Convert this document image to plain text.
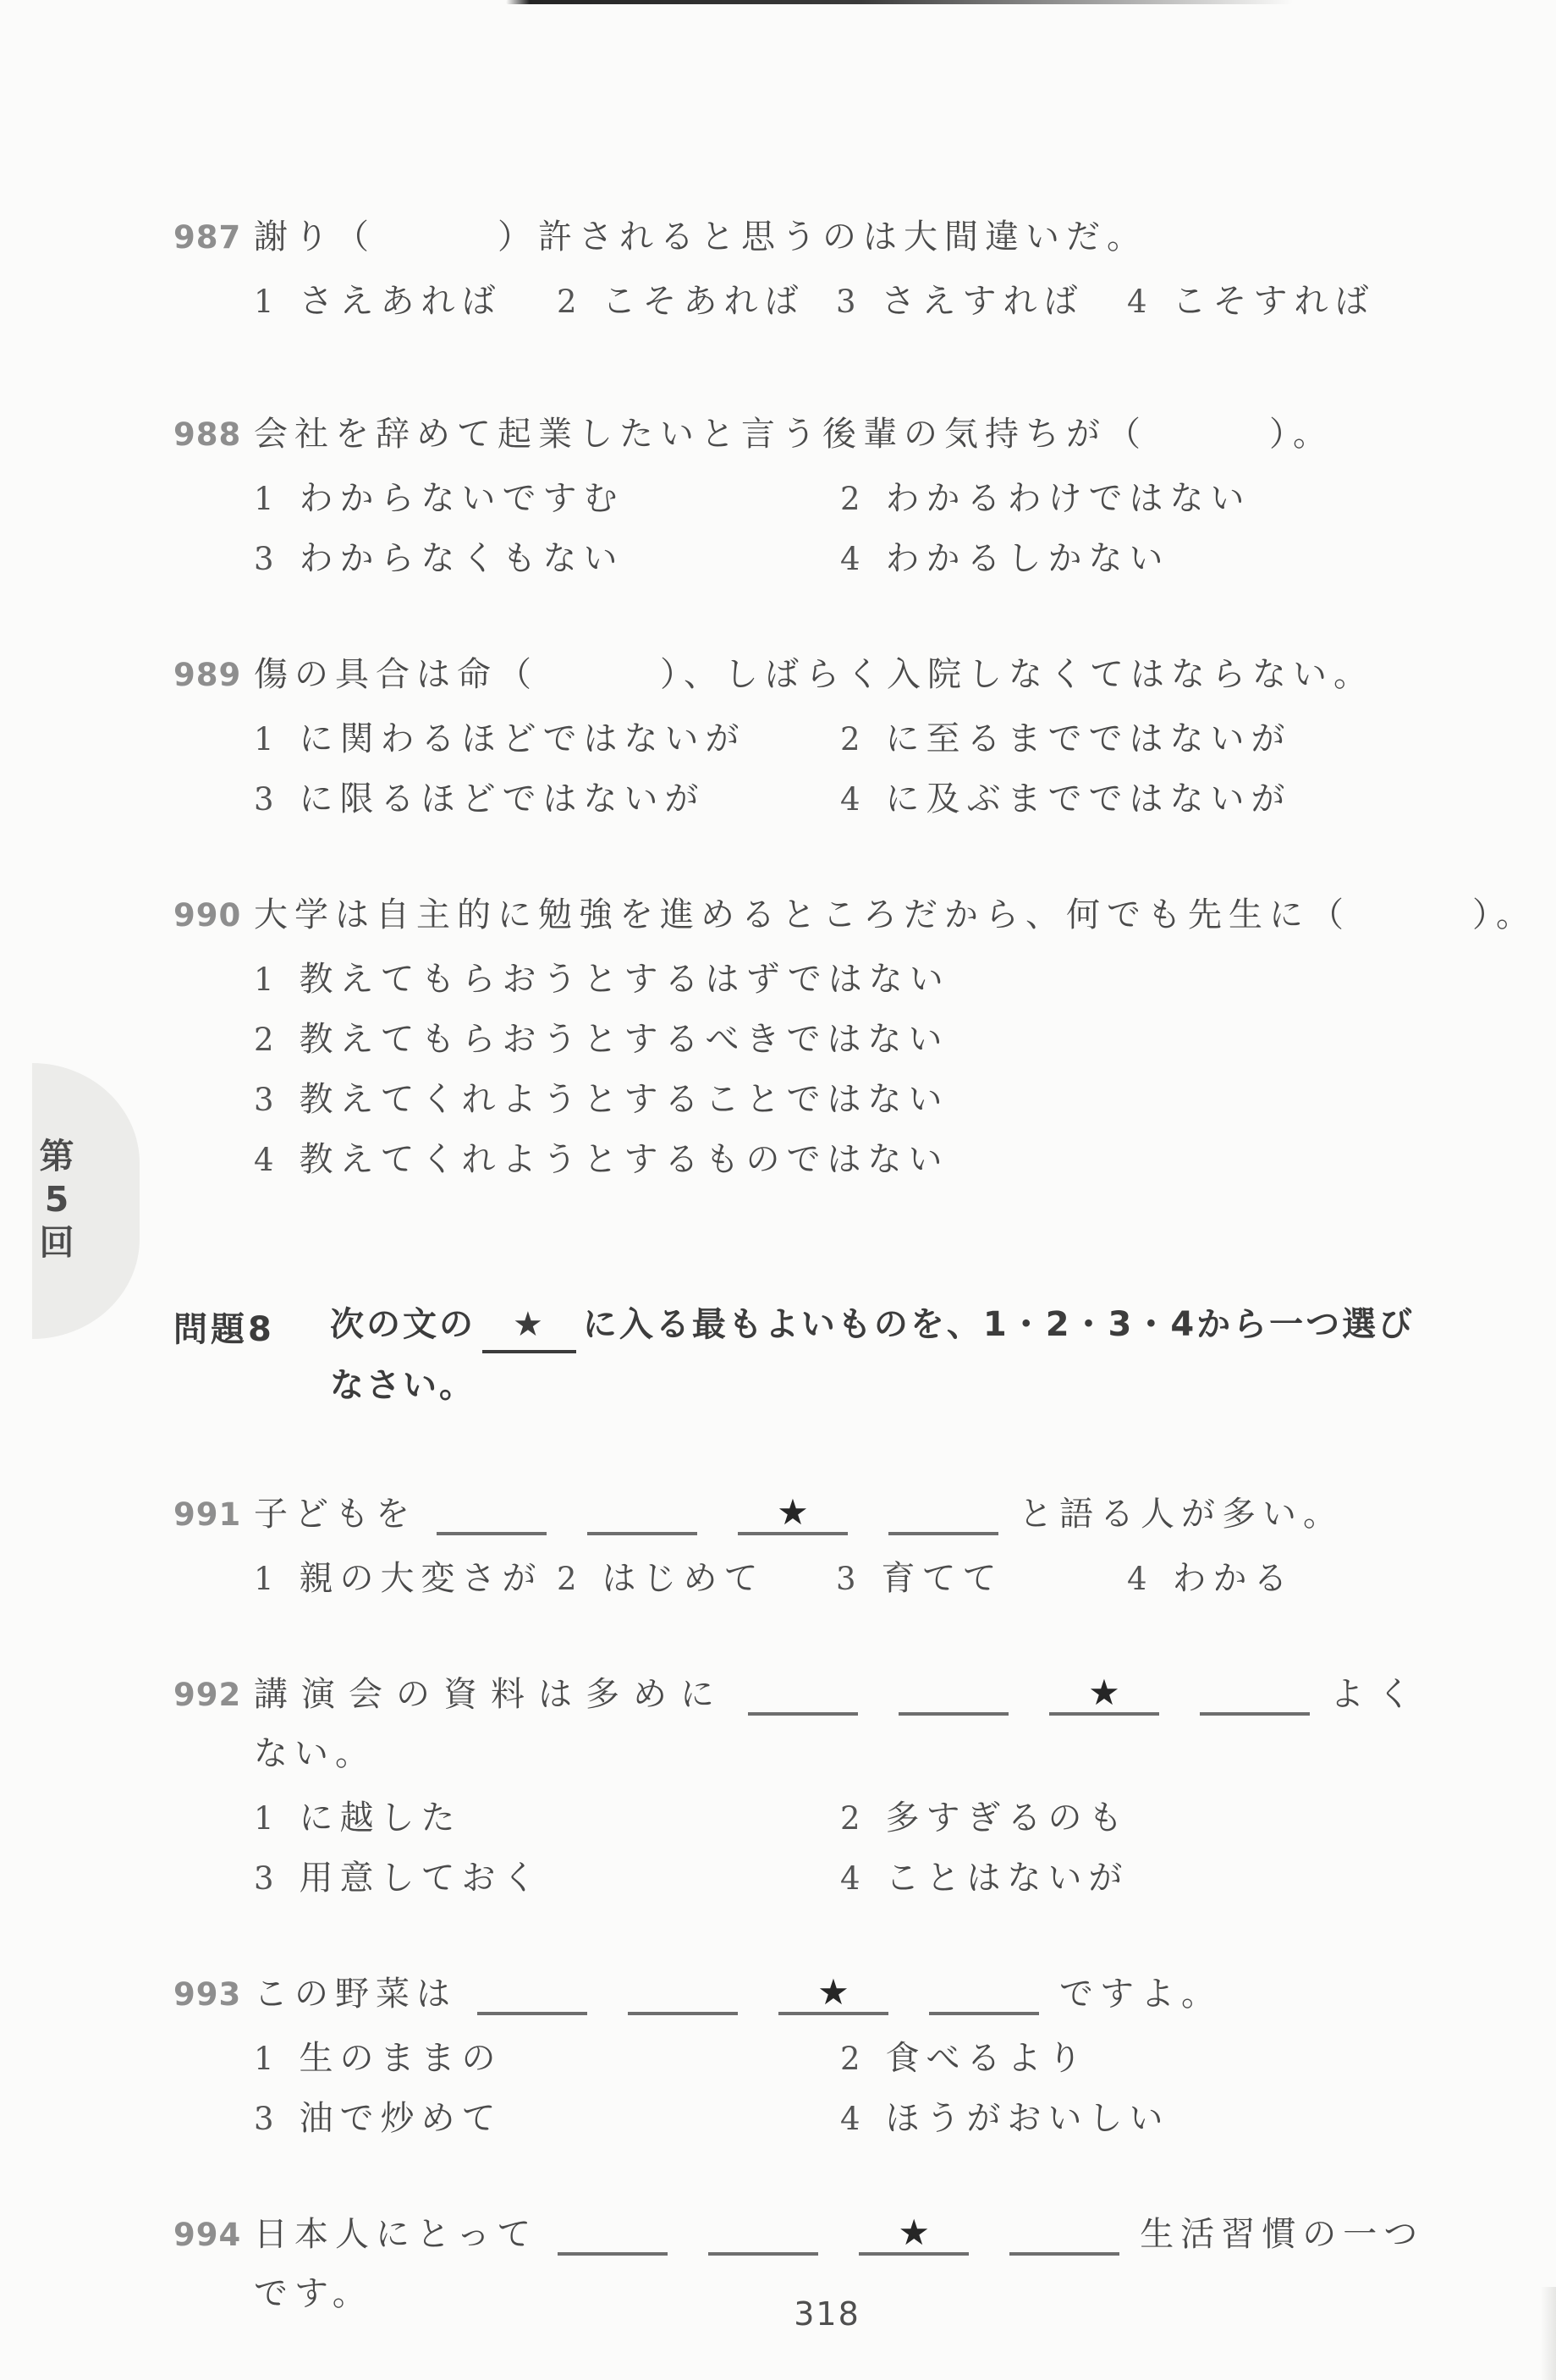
第
5
回
987 謝り（　　　）許されると思うのは大間違いだ。
1 さえあれば 2 こそあれば 3 さえすれば 4 こそすれば
988 会社を辞めて起業したいと言う後輩の気持ちが（　　　）。
1 わからないですむ	2 わかるわけではない
3 わからなくもない	4 わかるしかない
989 傷の具合は命（　　　）、しばらく入院しなくてはならない。
1 に関わるほどではないが	2 に至るまでではないが
3 に限るほどではないが	4 に及ぶまでではないが
990 大学は自主的に勉強を進めるところだから、何でも先生に（　　　）。
1 教えてもらおうとするはずではない
2 教えてもらおうとするべきではない
3 教えてくれようとすることではない
4 教えてくれようとするものではない
問題8	次の文の ★ に入る最もよいものを、1・2・3・4から一つ選び
なさい。
991 子どもを	★	と語る人が多い。
1 親の大変さが 2 はじめて 3 育てて	4 わかる
992 講演会の資料は多めに	★	よく
ない。
1 に越した	2 多すぎるのも
3 用意しておく	4 ことはないが
993 この野菜は	★	ですよ。
1 生のままの	2 食べるより
3 油で炒めて	4 ほうがおいしい
994 日本人にとって	★	生活習慣の一つ
です。
318
